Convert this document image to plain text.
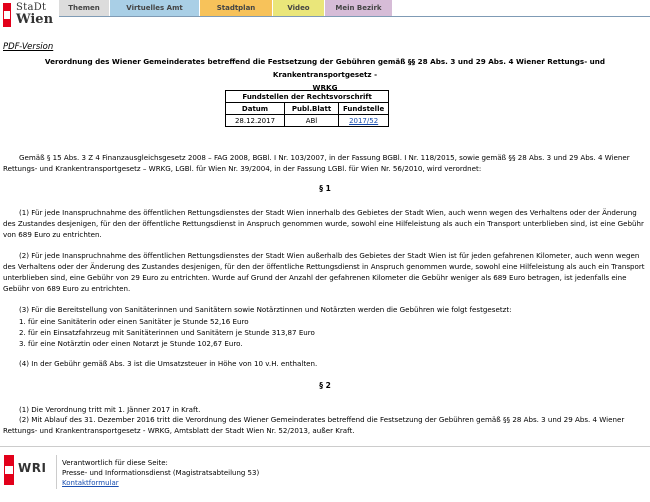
StaDt
Wien
Themen	Virtuelles Amt	Stadtplan	Video	Mein Bezirk
PDF-Version
Verordnung des Wiener Gemeinderates betreffend die Festsetzung der Gebühren gemäß §§ 28 Abs. 3 und 29 Abs. 4 Wiener Rettungs- und Krankentransportgesetz -
WRKG
Fundstellen der Rechtsvorschrift		
Datum	Publ.Blatt	Fundstelle
28.12.2017	ABl	2017/52
Gemäß § 15 Abs. 3 Z 4 Finanzausgleichsgesetz 2008 – FAG 2008, BGBl. I Nr. 103/2007, in der Fassung BGBl. I Nr. 118/2015, sowie gemäß §§ 28 Abs. 3 und 29 Abs. 4 Wiener Rettungs- und Krankentransportgesetz – WRKG, LGBl. für Wien Nr. 39/2004, in der Fassung LGBl. für Wien Nr. 56/2010, wird verordnet:
§ 1
(1) Für jede Inanspruchnahme des öffentlichen Rettungsdienstes der Stadt Wien innerhalb des Gebietes der Stadt Wien, auch wenn wegen des Verhaltens oder der Änderung des Zustandes desjenigen, für den der öffentliche Rettungsdienst in Anspruch genommen wurde, sowohl eine Hilfeleistung als auch ein Transport unterblieben sind, ist eine Gebühr von 689 Euro zu entrichten.
(2) Für jede Inanspruchnahme des öffentlichen Rettungsdienstes der Stadt Wien außerhalb des Gebietes der Stadt Wien ist für jeden gefahrenen Kilometer, auch wenn wegen des Verhaltens oder der Änderung des Zustandes desjenigen, für den der öffentliche Rettungsdienst in Anspruch genommen wurde, sowohl eine Hilfeleistung als auch ein Transport unterblieben sind, eine Gebühr von 29 Euro zu entrichten. Wurde auf Grund der Anzahl der gefahrenen Kilometer die Gebühr weniger als 689 Euro betragen, ist jedenfalls eine Gebühr von 689 Euro zu entrichten.
(3) Für die Bereitstellung von Sanitäterinnen und Sanitätern sowie Notärztinnen und Notärzten werden die Gebühren wie folgt festgesetzt:
1. für eine Sanitäterin oder einen Sanitäter je Stunde 52,16 Euro
2. für ein Einsatzfahrzeug mit Sanitäterinnen und Sanitätern je Stunde 313,87 Euro
3. für eine Notärztin oder einen Notarzt je Stunde 102,67 Euro.
(4) In der Gebühr gemäß Abs. 3 ist die Umsatzsteuer in Höhe von 10 v.H. enthalten.
§ 2
(1) Die Verordnung tritt mit 1. Jänner 2017 in Kraft.
(2) Mit Ablauf des 31. Dezember 2016 tritt die Verordnung des Wiener Gemeinderates betreffend die Festsetzung der Gebühren gemäß §§ 28 Abs. 3 und 29 Abs. 4 Wiener Rettungs- und Krankentransportgesetz - WRKG, Amtsblatt der Stadt Wien Nr. 52/2013, außer Kraft.
WRI Verantwortlich für diese Seite:
Presse- und Informationsdienst (Magistratsabteilung 53)
Kontaktformular
